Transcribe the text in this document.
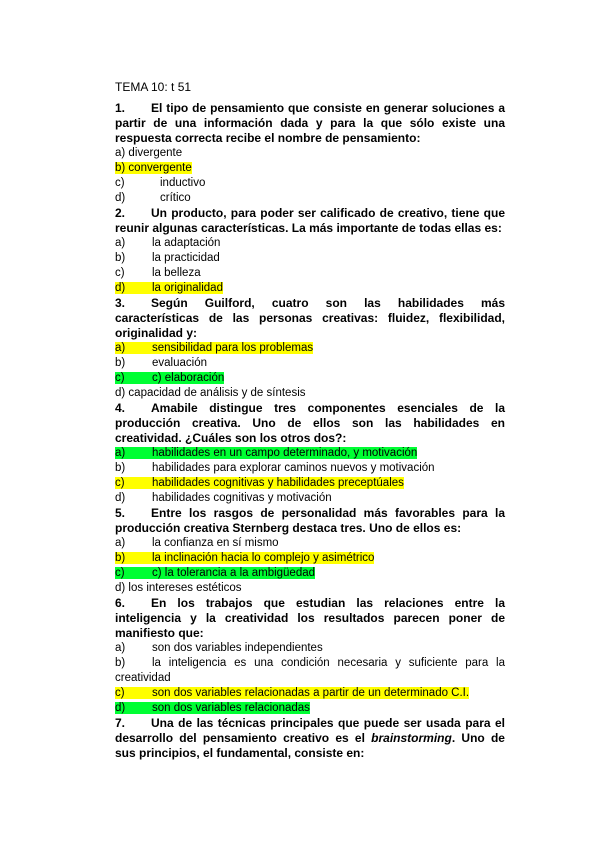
TEMA 10: t 51
1. El tipo de pensamiento que consiste en generar soluciones a partir de una información dada y para la que sólo existe una respuesta correcta recibe el nombre de pensamiento:
a) divergente
b) convergente
c)	inductivo
d)	crítico
2. Un producto, para poder ser calificado de creativo, tiene que reunir algunas características. La más importante de todas ellas es:
a) la adaptación
b) la practicidad
c) la belleza
d) la originalidad
3. Según Guilford, cuatro son las habilidades más características de las personas creativas: fluidez, flexibilidad, originalidad y:
a) sensibilidad para los problemas
b) evaluación
c) c) elaboración
d) capacidad de análisis y de síntesis
4. Amabile distingue tres componentes esenciales de la producción creativa. Uno de ellos son las habilidades en creatividad. ¿Cuáles son los otros dos?:
a) habilidades en un campo determinado, y motivación
b) habilidades para explorar caminos nuevos y motivación
c) habilidades cognitivas y habilidades preceptúales
d) habilidades cognitivas y motivación
5. Entre los rasgos de personalidad más favorables para la producción creativa Sternberg destaca tres. Uno de ellos es:
a) la confianza en sí mismo
b) la inclinación hacia lo complejo y asimétrico
c) c) la tolerancia a la ambigüedad
d) los intereses estéticos
6. En los trabajos que estudian las relaciones entre la inteligencia y la creatividad los resultados parecen poner de manifiesto que:
a) son dos variables independientes
b) la inteligencia es una condición necesaria y suficiente para la creatividad
c) son dos variables relacionadas a partir de un determinado C.I.
d) son dos variables relacionadas
7. Una de las técnicas principales que puede ser usada para el desarrollo del pensamiento creativo es el brainstorming. Uno de sus principios, el fundamental, consiste en:
